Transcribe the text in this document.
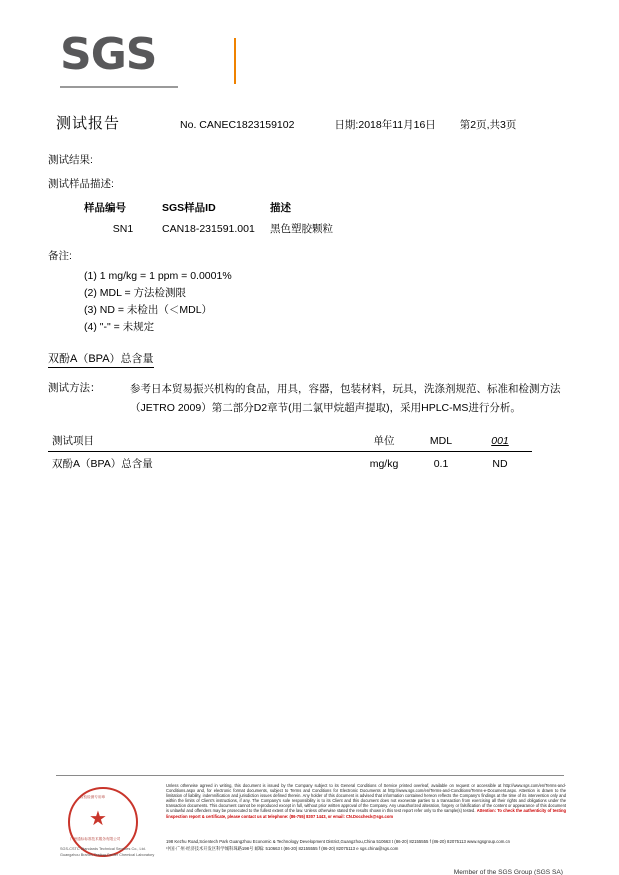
SGS
测试报告	No. CANEC1823159102	日期:2018年11月16日 第2页,共3页
测试结果:
测试样品描述:
样品编号	SGS样品ID	描述
SN1	CAN18-231591.001	黑色塑胶颗粒
备注:
(1) 1 mg/kg = 1 ppm = 0.0001%
(2) MDL = 方法检测限
(3) ND = 未检出（＜MDL）
(4) "-" = 未规定
双酚A（BPA）总含量
测试方法：	参考日本贸易振兴机构的食品，用具，容器，包装材料，玩具，洗涤剂规范、标准和检测方法（JETRO 2009）第二部分D2章节(用二氯甲烷超声提取)，采用HPLC-MS进行分析。
测试项目	单位	MDL	001
双酚A（BPA）总含量	mg/kg	0.1	ND
★
检验检测专用章
广州通标标准技术服务有限公司
SGS-CSTC Standards Technical Services Co., Ltd.
Guangzhou Branch Testing Center Chemical Laboratory
Unless otherwise agreed in writing, this document is issued by the Company subject to its General Conditions of Service printed overleaf, available on request or accessible at http://www.sgs.com/en/Terms-and-Conditions.aspx and, for electronic format documents, subject to Terms and Conditions for Electronic Documents at http://www.sgs.com/en/Terms-and-Conditions/Terms-e-Document.aspx. Attention is drawn to the limitation of liability, indemnification and jurisdiction issues defined therein. Any holder of this document is advised that information contained hereon reflects the Company's findings at the time of its intervention only and within the limits of Client's instructions, if any. The Company's sole responsibility is to its Client and this document does not exonerate parties to a transaction from exercising all their rights and obligations under the transaction documents. This document cannot be reproduced except in full, without prior written approval of the Company. Any unauthorized alteration, forgery or falsification of the content or appearance of this document is unlawful and offenders may be prosecuted to the fullest extent of the law. Unless otherwise stated the results shown in this test report refer only to the sample(s) tested. Attention: To check the authenticity of testing /inspection report & certificate, please contact us at telephone: (86-755) 8307 1443, or email: CN.Doccheck@sgs.com
198 Kezhu Road,Scientech Park Guangzhou Economic & Technology Development District,Guangzhou,China 510663 t (86-20) 82155555 f (86-20) 82075113 www.sgsgroup.com.cn
中国·广州·经济技术开发区科学城科珠路198号 邮编: 510663 t (86-20) 82155555 f (86-20) 82075113 e sgs.china@sgs.com
Member of the SGS Group (SGS SA)
